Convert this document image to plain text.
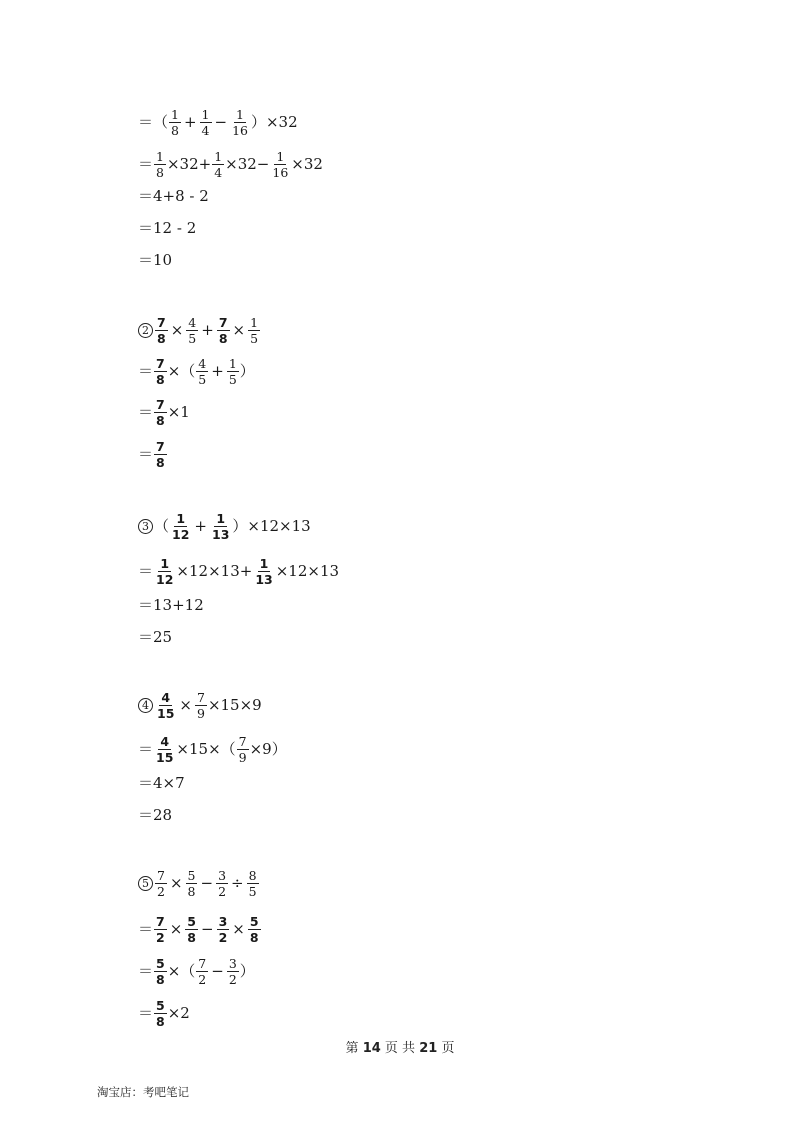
＝（ $\frac{1}{8} + \frac{1}{4} - \frac{1}{16} )\times 32$
＝ $\frac{1}{8} \times 32+ \frac{1}{4} \times 32- \frac{1}{16} \times 32$
＝4+8 - 2
＝12 - 2
＝10
$2 \frac{7}{8} \times \frac{4}{5} + \frac{7}{8} \times \frac{1}{5}$
＝ $\frac{7}{8}$ ×（ $\frac{4}{5} + \frac{1}{5}$ ）
＝ $\frac{7}{8} \times 1$
＝ $\frac{7}{8}$
3 （ $\frac{1}{12} + \frac{1}{13} )\times 12\times 13$
＝ $\frac{1}{12} \times 12\times 13+ \frac{1}{13} \times 12\times 13$
＝13+12
＝25
$4 \frac{4}{15} \times \frac{7}{9} \times 15\times 9$
＝ $\frac{4}{15} \times 15\times( \frac{7}{9} \times 9)$
＝4×7
＝28
$5 \frac{7}{2} \times \frac{5}{8} - \frac{3}{2} \div \frac{8}{5}$
＝ $\frac{7}{2} \times \frac{5}{8} - \frac{3}{2} \times \frac{5}{8}$
＝ $\frac{5}{8}$ ×（ $\frac{7}{2} - \frac{3}{2}$ ）
＝ $\frac{5}{8} \times 2$
第 14 页 共 21 页
淘宝店：考吧笔记
